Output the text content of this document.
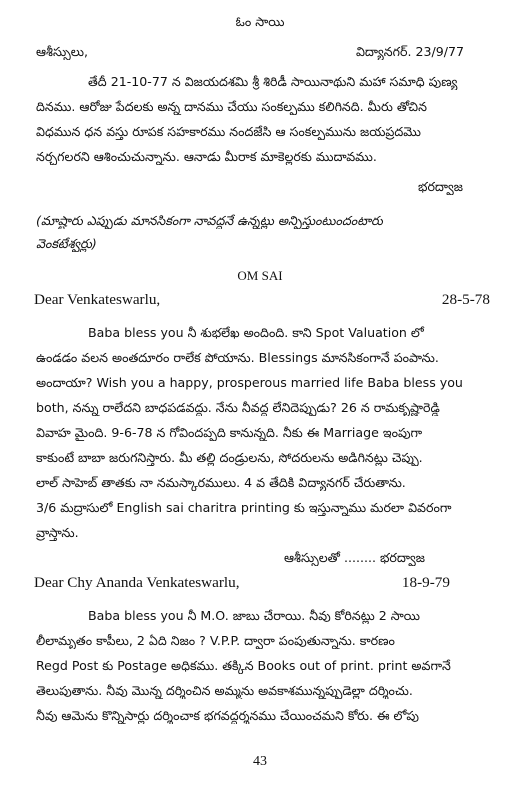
ఓం సాయి

ఆశీస్సులు,	విద్యానగర్. 23/9/77

తేదీ 21-10-77 న విజయదశమి శ్రీ శిరిడీ సాయినాథుని మహా సమాధి పుణ్య

దినము. ఆరోజు పేదలకు అన్న దానము చేయు సంకల్పము కలిగినది. మీరు తోచిన

విధమున ధన వస్తు రూపక సహకారము నందజేసి ఆ సంకల్పమును జయప్రదమొ

నర్చగలరని ఆశించుచున్నాను. ఆనాడు మీరాక మాకెల్లరకు ముదావము.

భరద్వాజ

(మాష్టారు ఎప్పుడు మానసికంగా నావద్దనే ఉన్నట్లు అన్పిస్తుంటుందంటారు

వెంకటేశ్వర్లు)

OM SAI

Dear Venkateswarlu,	28-5-78

Baba bless you నీ శుభలేఖ అందింది. కాని Spot Valuation లో

ఉండడం వలన అంతదూరం రాలేక పోయాను. Blessings మానసికంగానే పంపాను.

అందాయా? Wish you a happy, prosperous married life Baba bless you

both, నన్ను రాలేదని బాధపడవద్దు. నేను నీవద్ద లేనిదెప్పుడు? 26 న రామకృష్ణారెడ్డి

వివాహ మైంది. 9-6-78 న గోవిందప్పది కానున్నది. నీకు ఈ Marriage ఇంపుగా

కాకుంటే బాబా జరుగనిస్తారు. మీ తల్లి దండ్రులను, సోదరులను అడిగినట్లు చెప్పు.

లాల్ సాహెబ్ తాతకు నా నమస్కారములు. 4 వ తేదికి విద్యానగర్ చేరుతాను.

3/6 మద్రాసులో English sai charitra printing కు ఇస్తున్నాము మరలా వివరంగా

వ్రాస్తాను.

ఆశీస్సులతో ........ భరద్వాజ

Dear Chy Ananda Venkateswarlu,	18-9-79

Baba bless you నీ M.O. జాబు చేరాయి. నీవు కోరినట్లు 2 సాయి

లీలామృతం కాపీలు, 2 ఏది నిజం ? V.P.P. ద్వారా పంపుతున్నాను. కారణం

Regd Post కు Postage అధికము. తక్కిన Books out of print. print అవగానే

తెలుపుతాను. నీవు మొన్న దర్శించిన అమ్మను అవకాశమున్నప్పుడెల్లా దర్శించు.

నీవు ఆమెను కొన్నిసార్లు దర్శించాక భగవద్దర్శనము చేయించమని కోరు. ఈ లోపు

43
